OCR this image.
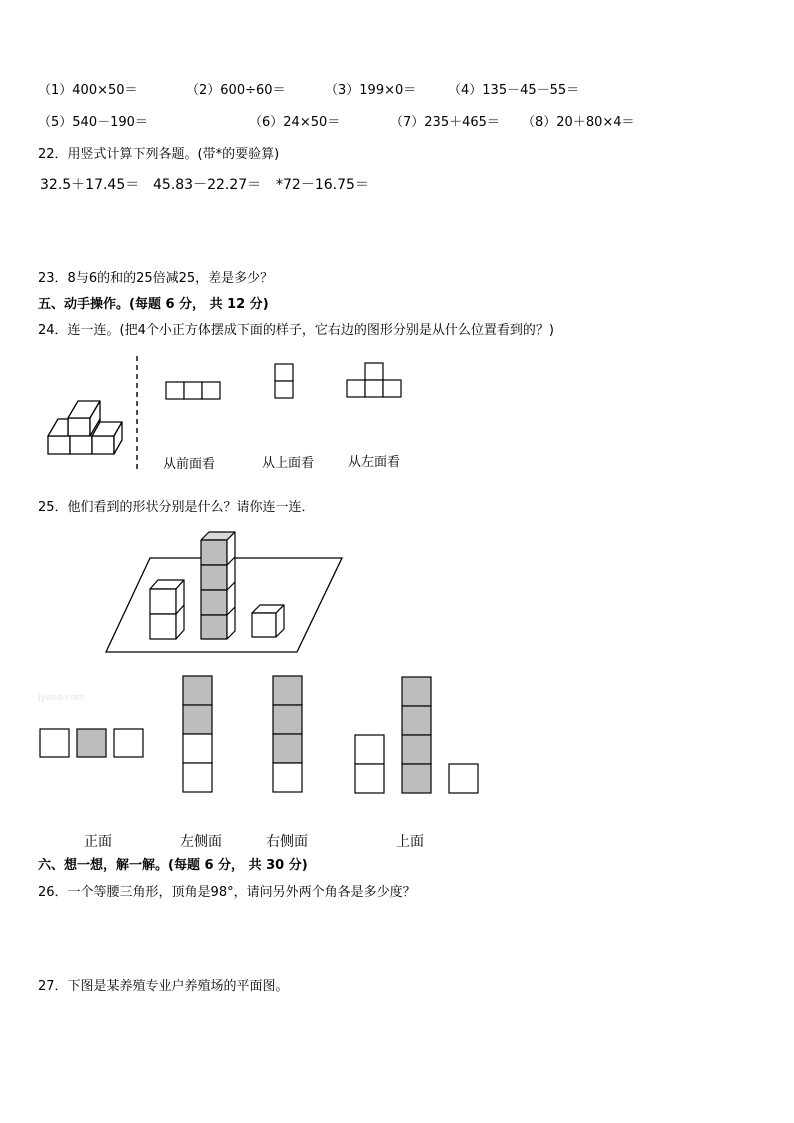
（1）400×50＝	（2）600÷60＝	（3）199×0＝ （4）135－45－55＝
（5）540－190＝	（6）24×50＝	（7）235＋465＝ （8）20＋80×4＝
22．用竖式计算下列各题。(带*的要验算)
32.5＋17.45＝ 45.83－22.27＝ *72－16.75＝
23．8与6的和的25倍减25，差是多少？
五、动手操作。(每题 6 分， 共 12 分)
24．连一连。(把4个小正方体摆成下面的样子，它右边的图形分别是从什么位置看到的？)
从前面看	从上面看	从左面看
25．他们看到的形状分别是什么？请你连一连．
jyeoo.com
正面	左侧面	右侧面	上面
六、想一想，解一解。(每题 6 分， 共 30 分)
26．一个等腰三角形，顶角是98°，请问另外两个角各是多少度？
27．下图是某养殖专业户养殖场的平面图。
